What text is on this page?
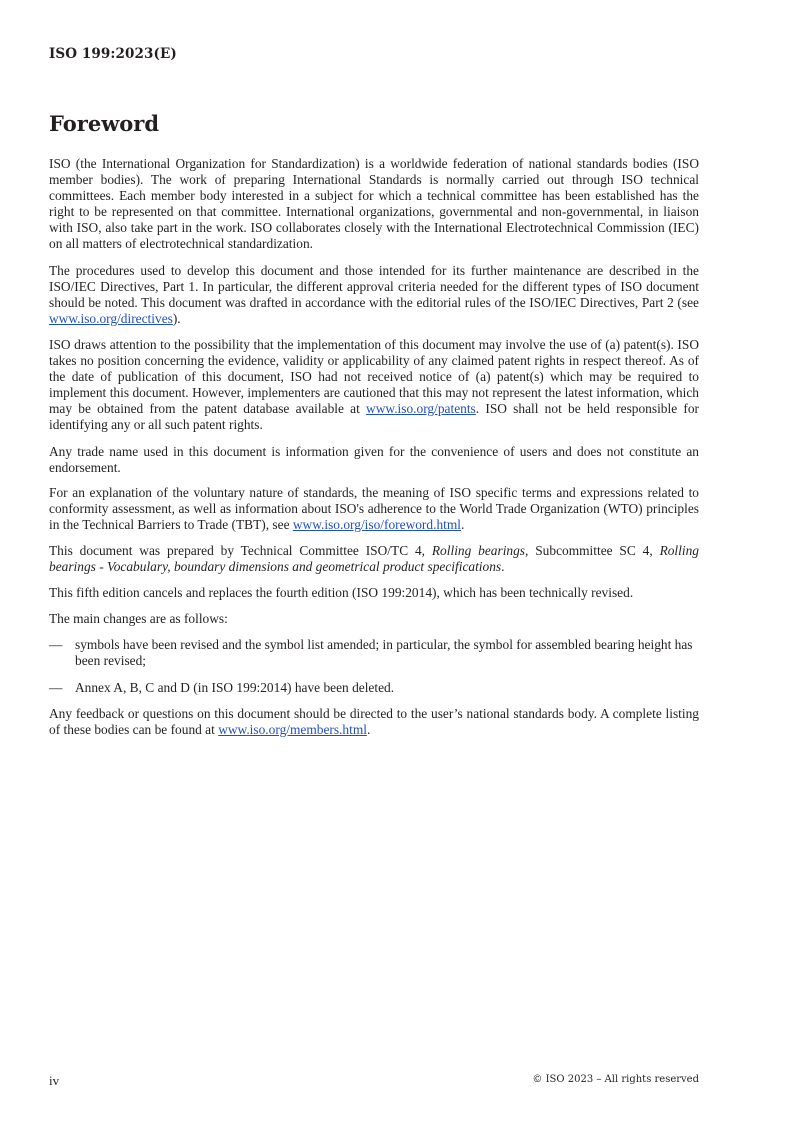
ISO 199:2023(E)
Foreword

ISO (the International Organization for Standardization) is a worldwide federation of national standards bodies (ISO member bodies). The work of preparing International Standards is normally carried out through ISO technical committees. Each member body interested in a subject for which a technical committee has been established has the right to be represented on that committee. International organizations, governmental and non-governmental, in liaison with ISO, also take part in the work. ISO collaborates closely with the International Electrotechnical Commission (IEC) on all matters of electrotechnical standardization.

The procedures used to develop this document and those intended for its further maintenance are described in the ISO/IEC Directives, Part 1. In particular, the different approval criteria needed for the different types of ISO document should be noted. This document was drafted in accordance with the editorial rules of the ISO/IEC Directives, Part 2 (see www.iso.org/directives).

ISO draws attention to the possibility that the implementation of this document may involve the use of (a) patent(s). ISO takes no position concerning the evidence, validity or applicability of any claimed patent rights in respect thereof. As of the date of publication of this document, ISO had not received notice of (a) patent(s) which may be required to implement this document. However, implementers are cautioned that this may not represent the latest information, which may be obtained from the patent database available at www.iso.org/patents. ISO shall not be held responsible for identifying any or all such patent rights.

Any trade name used in this document is information given for the convenience of users and does not constitute an endorsement.

For an explanation of the voluntary nature of standards, the meaning of ISO specific terms and expressions related to conformity assessment, as well as information about ISO's adherence to the World Trade Organization (WTO) principles in the Technical Barriers to Trade (TBT), see www.iso.org/iso/foreword.html.

This document was prepared by Technical Committee ISO/TC 4, Rolling bearings, Subcommittee SC 4, Rolling bearings - Vocabulary, boundary dimensions and geometrical product specifications.

This fifth edition cancels and replaces the fourth edition (ISO 199:2014), which has been technically revised.

The main changes are as follows:

— symbols have been revised and the symbol list amended; in particular, the symbol for assembled bearing height has been revised;
— Annex A, B, C and D (in ISO 199:2014) have been deleted.

Any feedback or questions on this document should be directed to the user’s national standards body. A complete listing of these bodies can be found at www.iso.org/members.html.

iv	© ISO 2023 – All rights reserved
